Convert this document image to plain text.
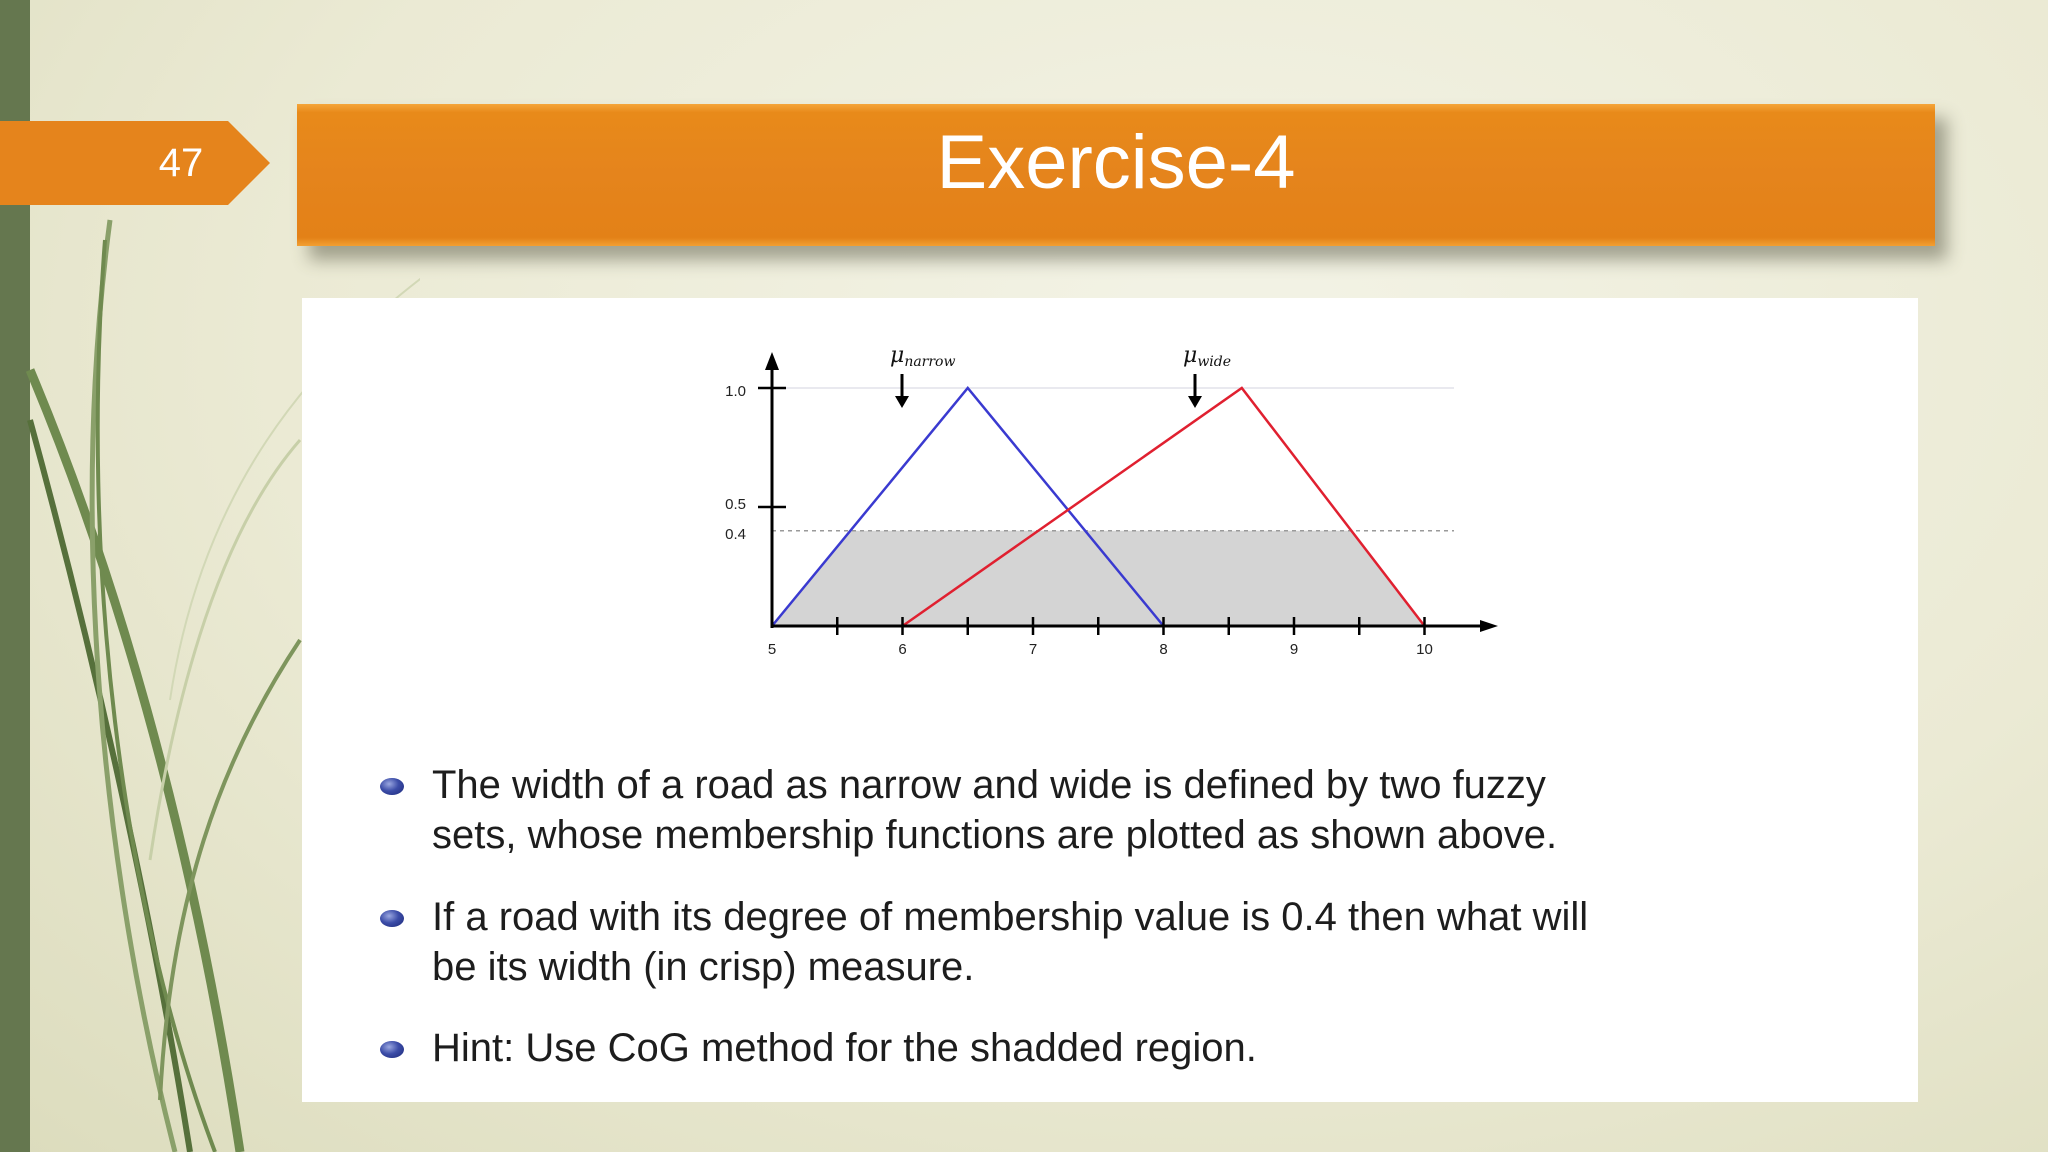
47	Exercise-4
5	6	7	8	9	10
0.4
0.5
1.0
μnarrow	μwide
The width of a road as narrow and wide is defined by two fuzzy
sets, whose membership functions are plotted as shown above.
If a road with its degree of membership value is 0.4 then what will
be its width (in crisp) measure.
Hint: Use CoG method for the shadded region.
